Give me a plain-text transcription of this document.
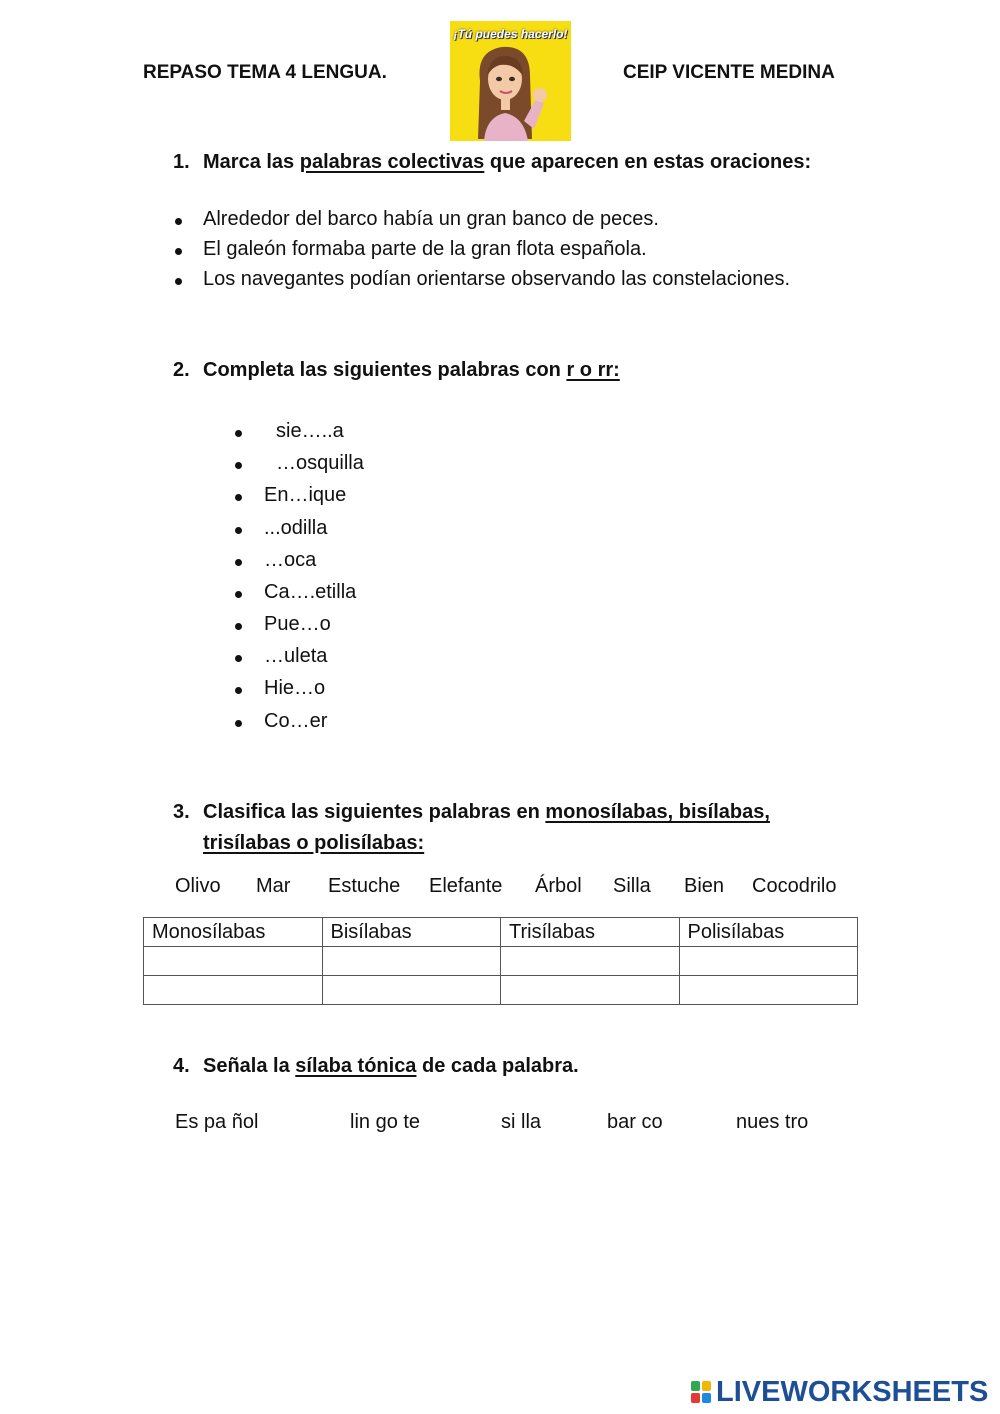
REPASO TEMA 4 LENGUA.	CEIP VICENTE MEDINA
¡Tú puedes hacerlo!
1. Marca las palabras colectivas que aparecen en estas oraciones:
Alrededor del barco había un gran banco de peces.
El galeón formaba parte de la gran flota española.
Los navegantes podían orientarse observando las constelaciones.
2. Completa las siguientes palabras con r o rr:
sie…..a
…osquilla
En…ique
...odilla
…oca
Ca….etilla
Pue…o
…uleta
Hie…o
Co…er
3. Clasifica las siguientes palabras en monosílabas, bisílabas,
trisílabas o polisílabas:
Olivo Mar Estuche Elefante Árbol Silla Bien Cocodrilo
Monosílabas	Bisílabas	Trisílabas	Polisílabas

4. Señala la sílaba tónica de cada palabra.
Es pa ñol	lin go te	si lla	bar co	nues tro
LIVEWORKSHEETS
